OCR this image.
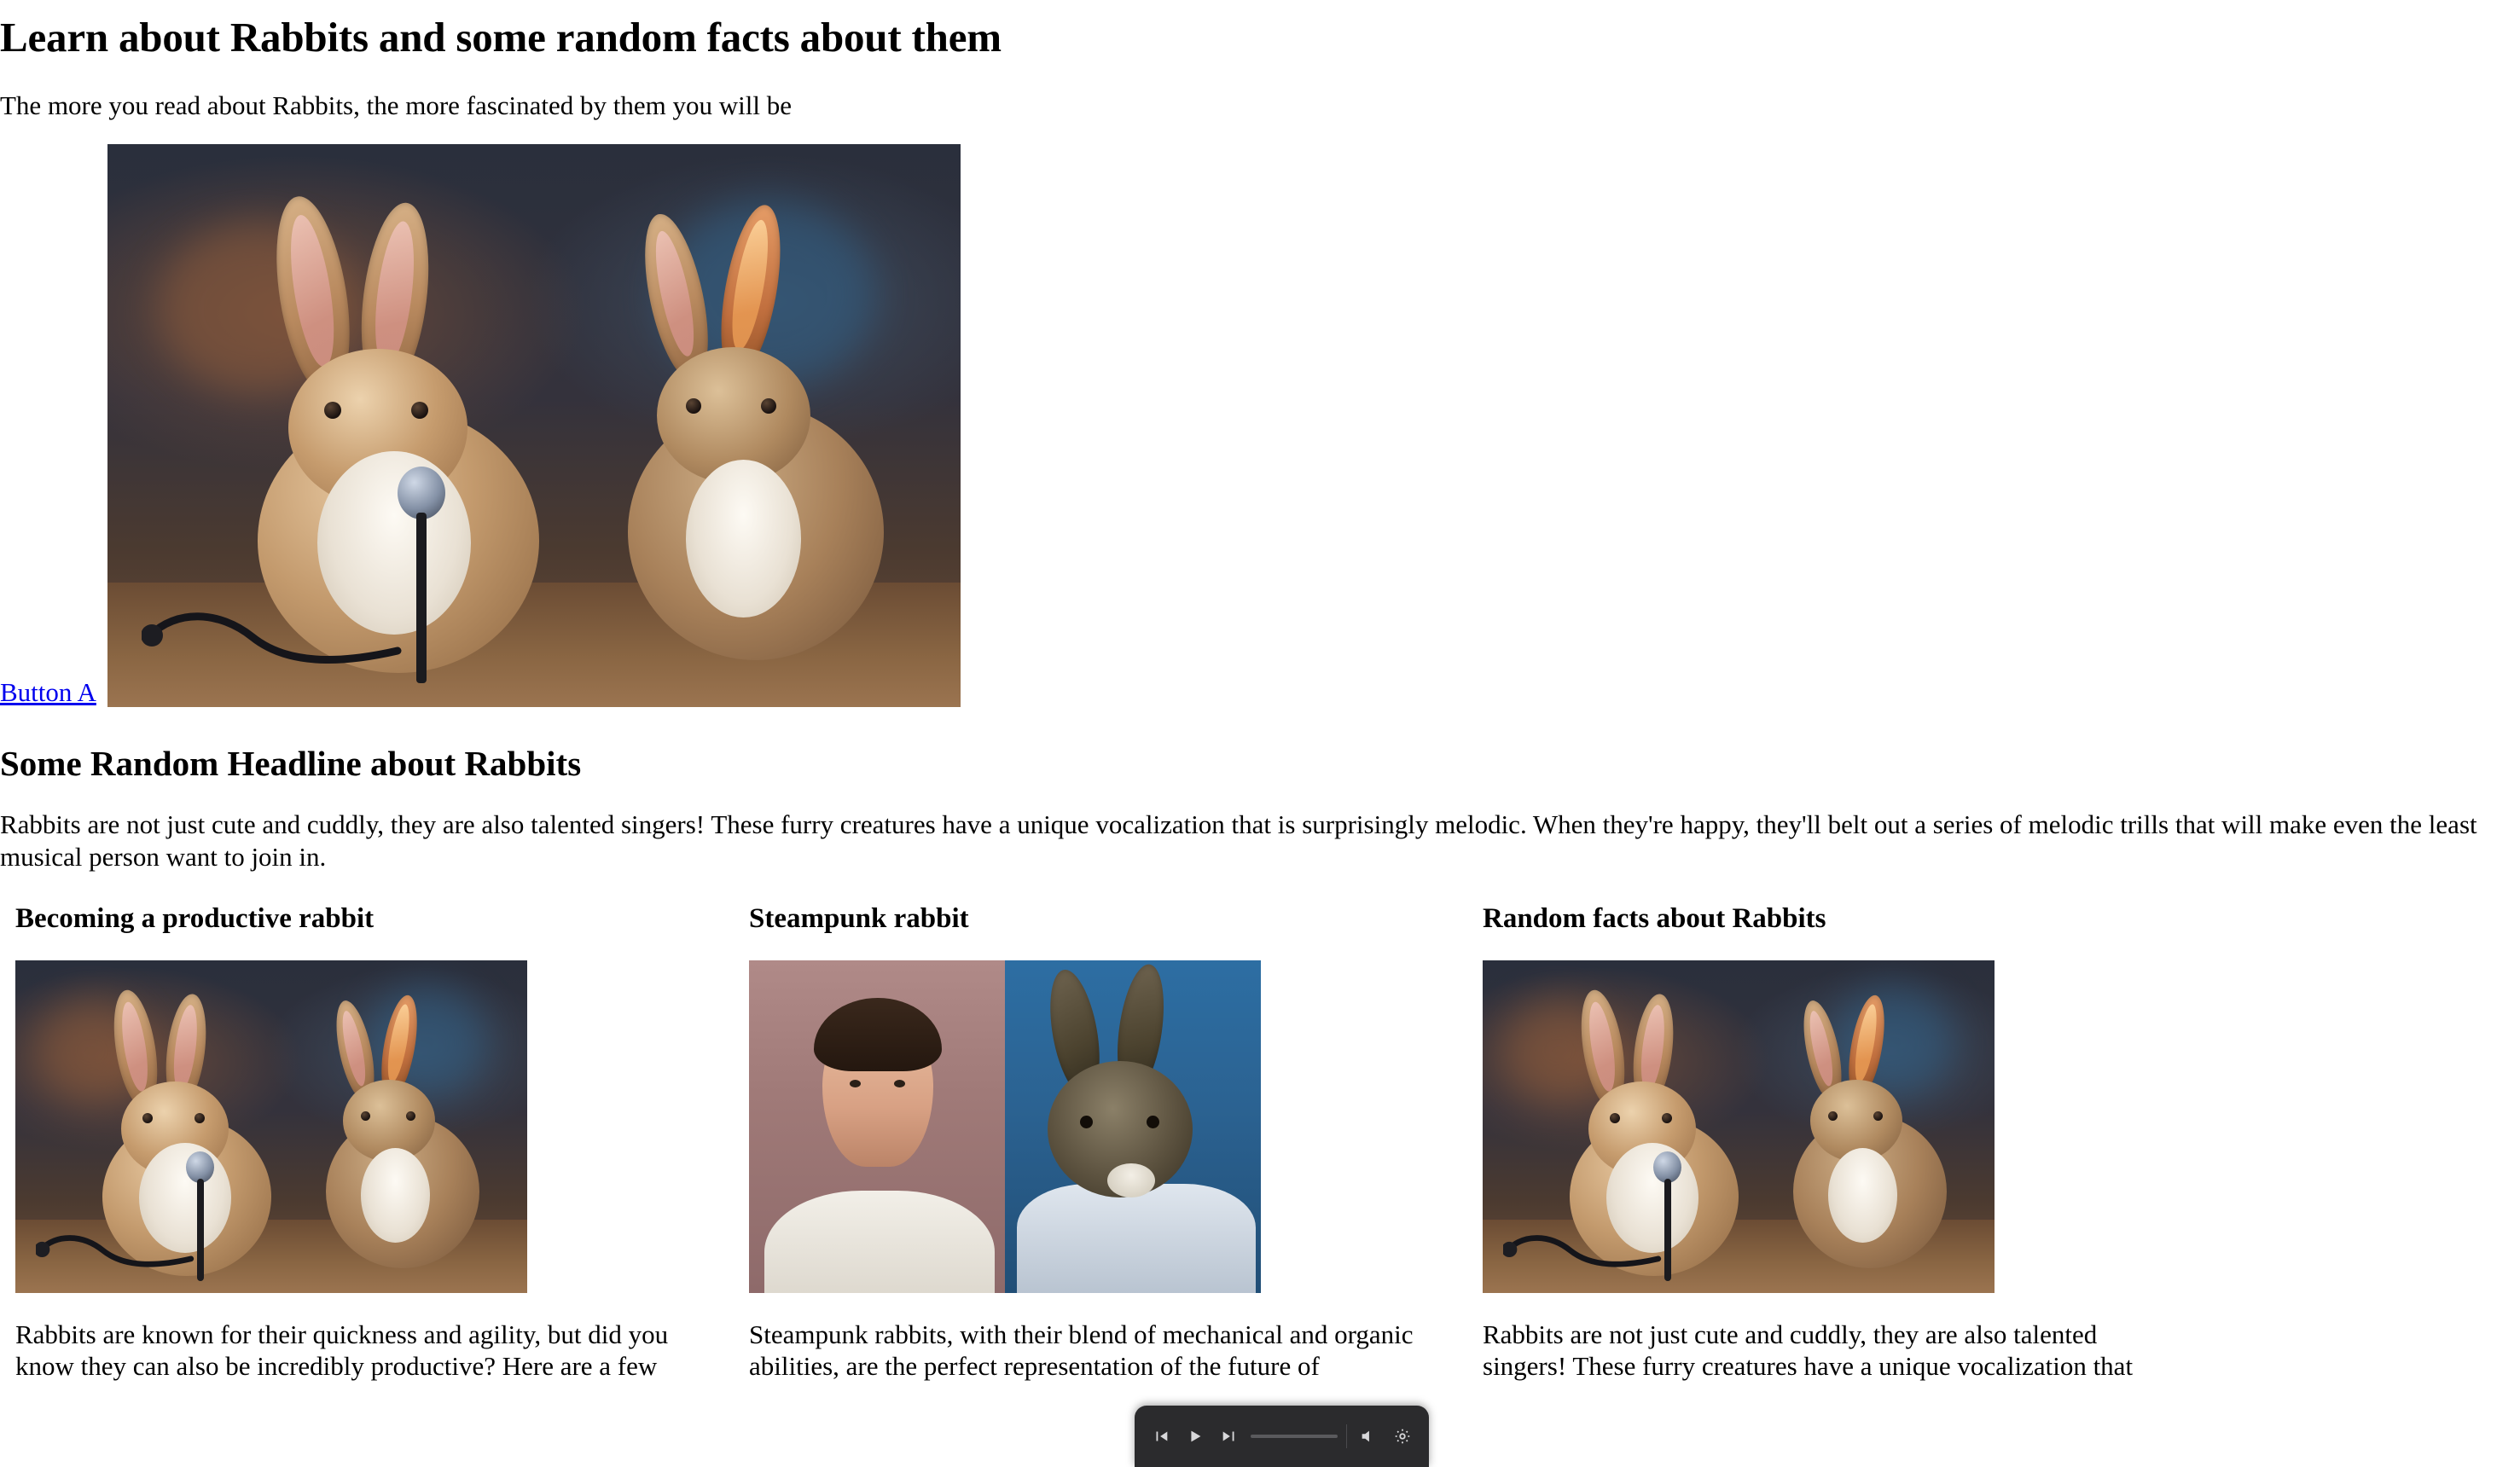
Learn about Rabbits and some random facts about them

The more you read about Rabbits, the more fascinated by them you will be

Button A
Some Random Headline about Rabbits

Rabbits are not just cute and cuddly, they are also talented singers! These furry creatures have a unique vocalization that is surprisingly melodic. When they're happy, they'll belt out a series of melodic trills that will make even the least musical person want to join in.

Becoming a productive rabbit

Rabbits are known for their quickness and agility, but did you know they can also be incredibly productive? Here are a few

Steampunk rabbit

Steampunk rabbits, with their blend of mechanical and organic abilities, are the perfect representation of the future of

Random facts about Rabbits

Rabbits are not just cute and cuddly, they are also talented singers! These furry creatures have a unique vocalization that
